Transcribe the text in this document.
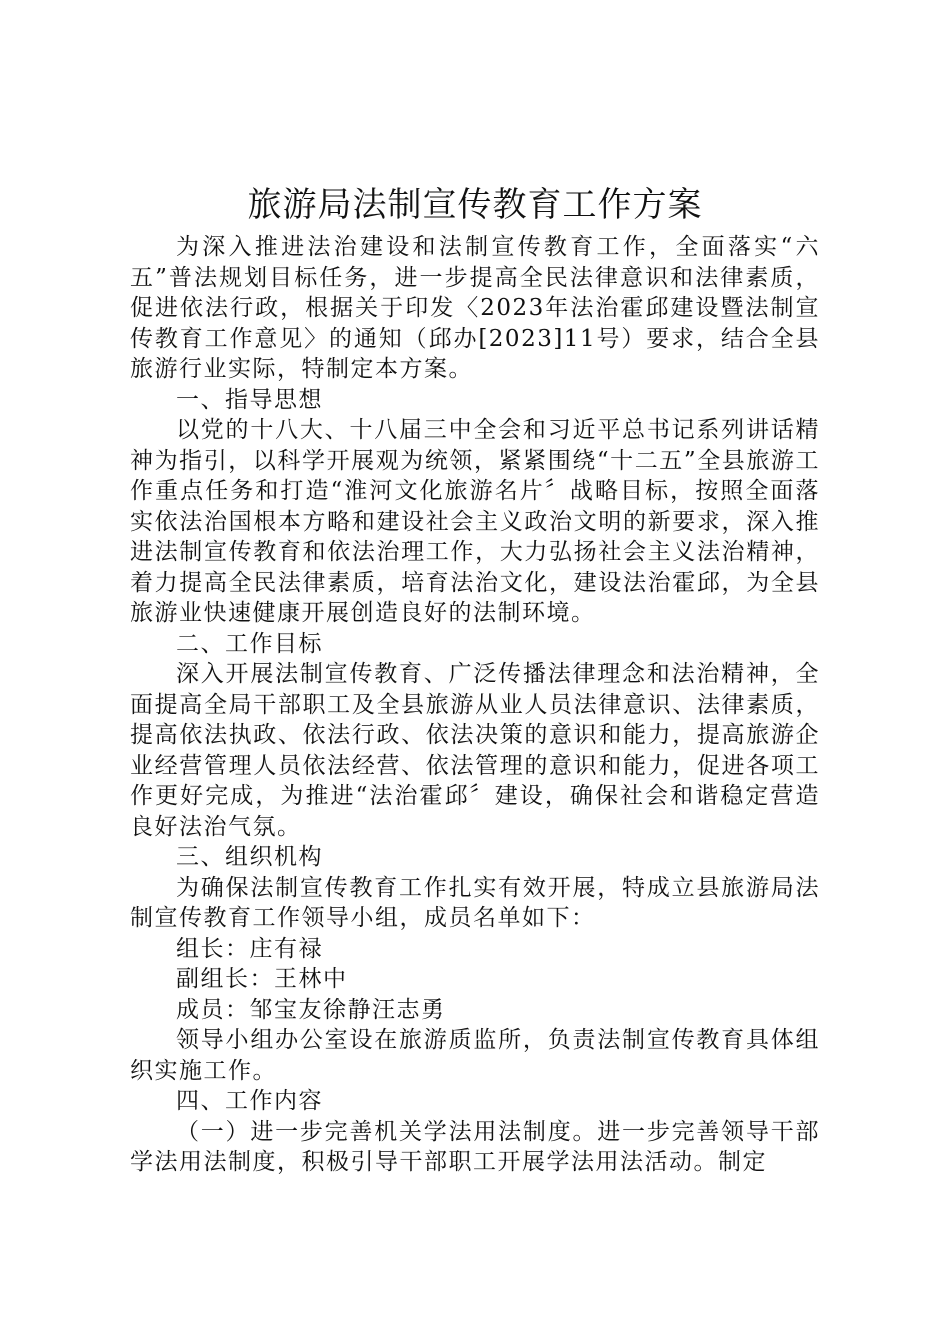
旅游局法制宣传教育工作方案

为深入推进法治建设和法制宣传教育工作，全面落实“六五”普法规划目标任务，进一步提高全民法律意识和法律素质，促进依法行政，根据关于印发〈2023年法治霍邱建设暨法制宣传教育工作意见〉的通知（邱办[2023]11号）要求，结合全县旅游行业实际，特制定本方案。

一、指导思想

以党的十八大、十八届三中全会和习近平总书记系列讲话精神为指引，以科学开展观为统领，紧紧围绕“十二五”全县旅游工作重点任务和打造“淮河文化旅游名片〞战略目标，按照全面落实依法治国根本方略和建设社会主义政治文明的新要求，深入推进法制宣传教育和依法治理工作，大力弘扬社会主义法治精神，着力提高全民法律素质，培育法治文化，建设法治霍邱，为全县旅游业快速健康开展创造良好的法制环境。

二、工作目标

深入开展法制宣传教育、广泛传播法律理念和法治精神，全面提高全局干部职工及全县旅游从业人员法律意识、法律素质，提高依法执政、依法行政、依法决策的意识和能力，提高旅游企业经营管理人员依法经营、依法管理的意识和能力，促进各项工作更好完成，为推进“法治霍邱〞建设，确保社会和谐稳定营造良好法治气氛。

三、组织机构

为确保法制宣传教育工作扎实有效开展，特成立县旅游局法制宣传教育工作领导小组，成员名单如下：

组长：庄有禄

副组长：王林中

成员：邹宝友徐静汪志勇

领导小组办公室设在旅游质监所，负责法制宣传教育具体组织实施工作。

四、工作内容

（一）进一步完善机关学法用法制度。进一步完善领导干部学法用法制度，积极引导干部职工开展学法用法活动。制定
